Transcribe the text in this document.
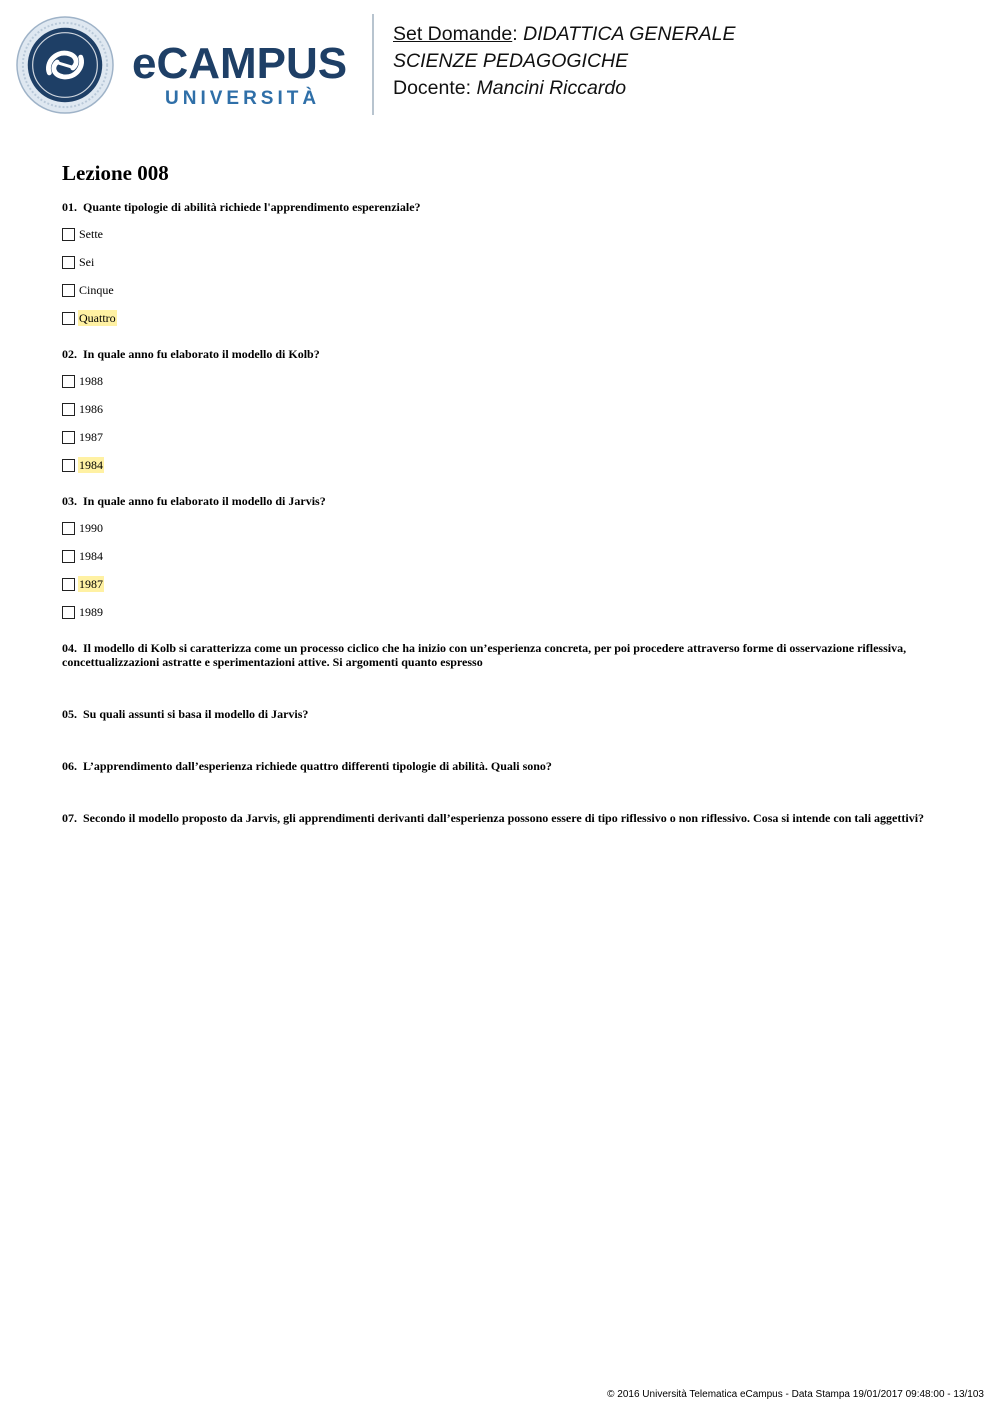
eCAMPUS
UNIVERSITÀ
Set Domande: DIDATTICA GENERALE
SCIENZE PEDAGOGICHE
Docente: Mancini Riccardo
Lezione 008
01. Quante tipologie di abilità richiede l'apprendimento esperenziale?
Sette
Sei
Cinque
Quattro
02. In quale anno fu elaborato il modello di Kolb?
1988
1986
1987
1984
03. In quale anno fu elaborato il modello di Jarvis?
1990
1984
1987
1989
04. Il modello di Kolb si caratterizza come un processo ciclico che ha inizio con un’esperienza concreta, per poi procedere attraverso forme di osservazione riflessiva, concettualizzazioni astratte e sperimentazioni attive. Si argomenti quanto espresso
05. Su quali assunti si basa il modello di Jarvis?
06. L’apprendimento dall’esperienza richiede quattro differenti tipologie di abilità. Quali sono?
07. Secondo il modello proposto da Jarvis, gli apprendimenti derivanti dall’esperienza possono essere di tipo riflessivo o non riflessivo. Cosa si intende con tali aggettivi?
© 2016 Università Telematica eCampus - Data Stampa 19/01/2017 09:48:00 - 13/103
